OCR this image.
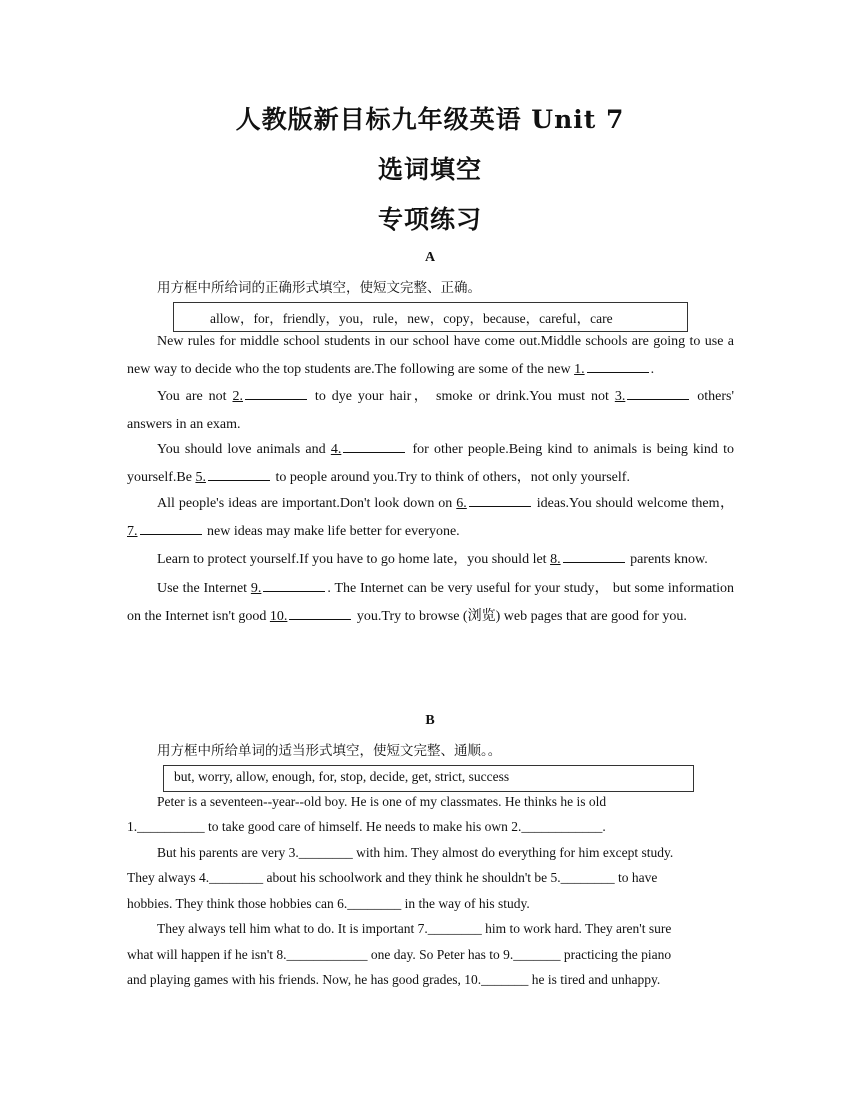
人教版新目标九年级英语 Unit 7
选词填空
专项练习
A
用方框中所给词的正确形式填空，使短文完整、正确。
allow，for，friendly，you，rule，new，copy，because，careful，care
New rules for middle school students in our school have come out.Middle schools are going to use a new way to decide who the top students are.The following are some of the new 1.	.
You are not 2.	to dye your hair， smoke or drink.You must not 3.	others' answers in an exam.
You should love animals and 4.	for other people.Being kind to animals is being kind to yourself.Be 5.	to people around you.Try to think of others，not only yourself.
All people's ideas are important.Don't look down on 6.	ideas.You should welcome them，7.	new ideas may make life better for everyone.
Learn to protect yourself.If you have to go home late，you should let 8.	parents know.
Use the Internet 9.	. The Internet can be very useful for your study， but some information on the Internet isn't good 10.	you.Try to browse (浏览) web pages that are good for you.
B
用方框中所给单词的适当形式填空，使短文完整、通顺。。
but, worry, allow, enough, for, stop, decide, get, strict, success
Peter is a seventeen--year--old boy. He is one of my classmates. He thinks he is old
1.__________ to take good care of himself. He needs to make his own 2.____________.
But his parents are very 3.________ with him. They almost do everything for him except study.
They always 4.________ about his schoolwork and they think he shouldn't be 5.________ to have
hobbies. They think those hobbies can 6.________ in the way of his study.
They always tell him what to do. It is important 7.________ him to work hard. They aren't sure
what will happen if he isn't 8.____________ one day. So Peter has to 9._______ practicing the piano
and playing games with his friends. Now, he has good grades, 10._______ he is tired and unhappy.
